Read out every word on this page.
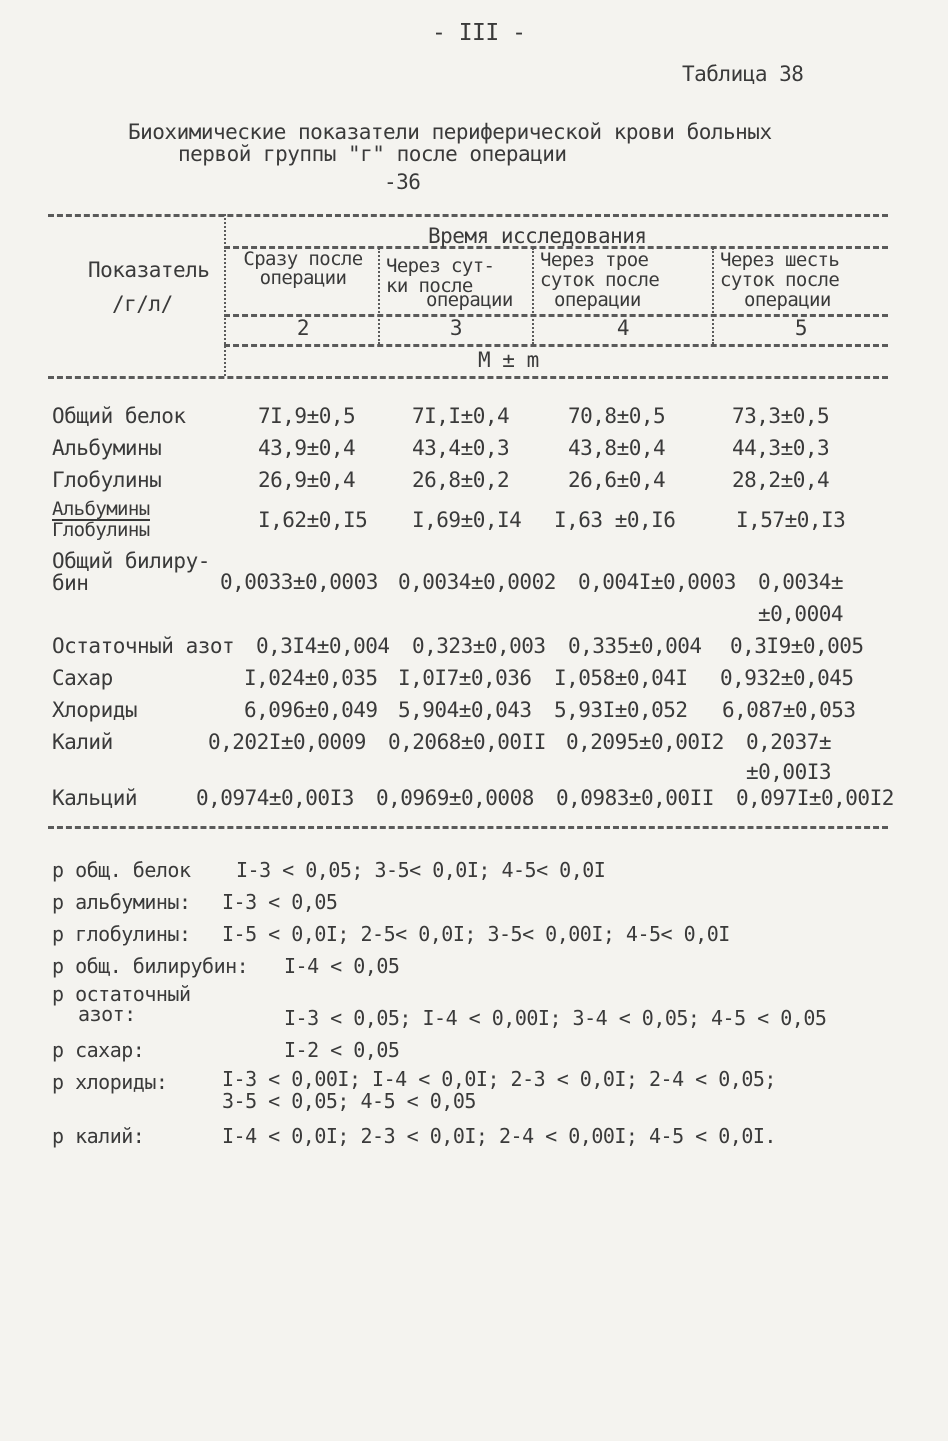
- III -
Таблица 38
Биохимические показатели периферической крови больных
первой группы "г" после операции
-36
Показатель
/г/л/
Время исследования
Сразу после
операции
Через сут-
ки после
операции
Через трое
суток после
операции
Через шесть
суток после
операции
2	3	4	5
M ± m
Общий белок	7I,9±0,5	7I,I±0,4	70,8±0,5	73,3±0,5
Альбумины	43,9±0,4	43,4±0,3	43,8±0,4	44,3±0,3
Глобулины	26,9±0,4	26,8±0,2	26,6±0,4	28,2±0,4
Альбумины
Глобулины	I,62±0,I5 I,69±0,I4 I,63 ±0,I6	I,57±0,I3
Общий билиру-
бин	0,0033±0,0003 0,0034±0,0002 0,004I±0,0003 0,0034±
±0,0004
Остаточный азот 0,3I4±0,004 0,323±0,003 0,335±0,004 0,3I9±0,005
Сахар	I,024±0,035 I,0I7±0,036 I,058±0,04I 0,932±0,045
Хлориды	6,096±0,049 5,904±0,043 5,93I±0,052 6,087±0,053
Калий	0,202I±0,0009 0,2068±0,00II 0,2095±0,00I2 0,2037±
±0,00I3
Кальций	0,0974±0,00I3 0,0969±0,0008 0,0983±0,00II 0,097I±0,00I2
р общ. белок I-3 < 0,05; 3-5< 0,0I; 4-5< 0,0I
р альбумины: I-3 < 0,05
р глобулины: I-5 < 0,0I; 2-5< 0,0I; 3-5< 0,00I; 4-5< 0,0I
р общ. билирубин: I-4 < 0,05
р остаточный
азот:	I-3 < 0,05; I-4 < 0,00I; 3-4 < 0,05; 4-5 < 0,05
р сахар:	I-2 < 0,05
р хлориды:	I-3 < 0,00I; I-4 < 0,0I; 2-3 < 0,0I; 2-4 < 0,05;
3-5 < 0,05; 4-5 < 0,05
р калий:	I-4 < 0,0I; 2-3 < 0,0I; 2-4 < 0,00I; 4-5 < 0,0I.
